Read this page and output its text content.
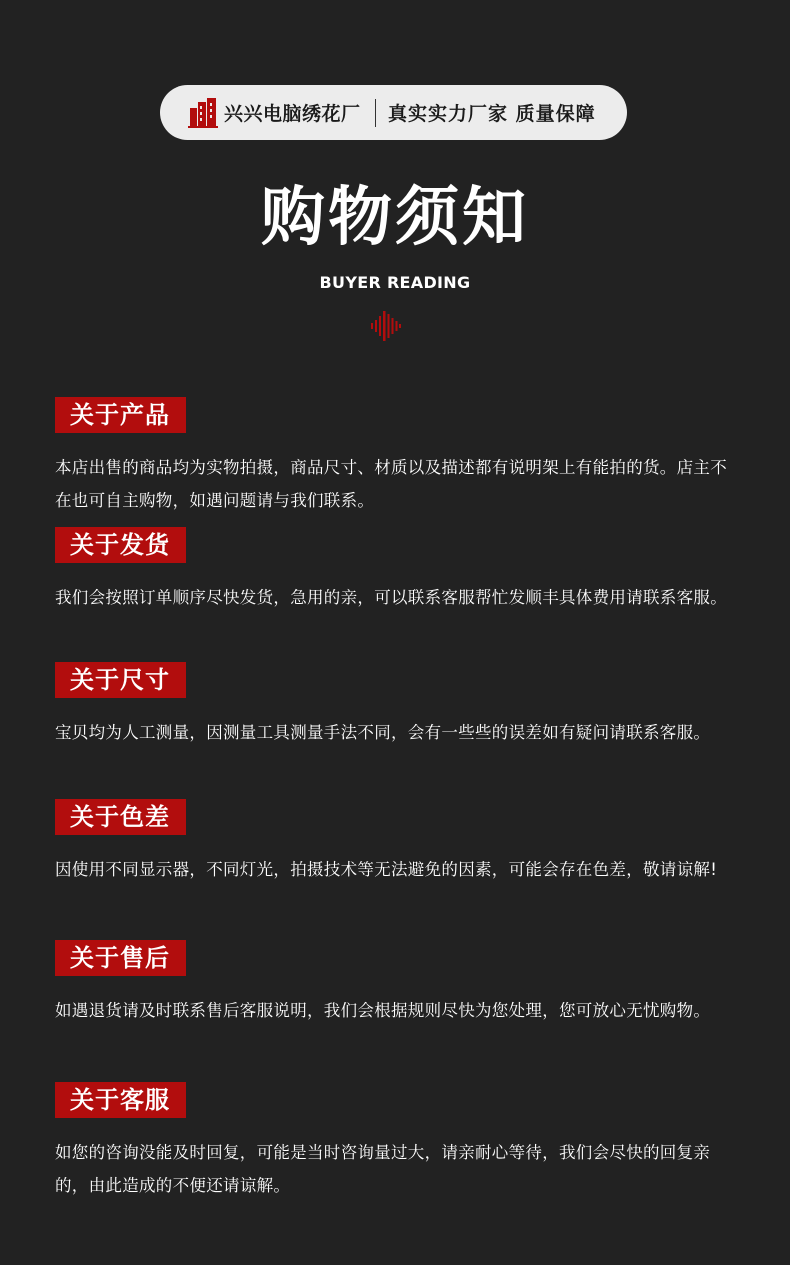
兴兴电脑绣花厂 真实实力厂家 质量保障
购物须知
BUYER READING
关于产品
本店出售的商品均为实物拍摄，商品尺寸、材质以及描述都有说明架上有能拍的货。店主不在也可自主购物，如遇问题请与我们联系。
关于发货
我们会按照订单顺序尽快发货，急用的亲，可以联系客服帮忙发顺丰具体费用请联系客服。
关于尺寸
宝贝均为人工测量，因测量工具测量手法不同，会有一些些的误差如有疑问请联系客服。
关于色差
因使用不同显示器，不同灯光，拍摄技术等无法避免的因素，可能会存在色差，敬请谅解!
关于售后
如遇退货请及时联系售后客服说明，我们会根据规则尽快为您处理，您可放心无忧购物。
关于客服
如您的咨询没能及时回复，可能是当时咨询量过大，请亲耐心等待，我们会尽快的回复亲的，由此造成的不便还请谅解。
